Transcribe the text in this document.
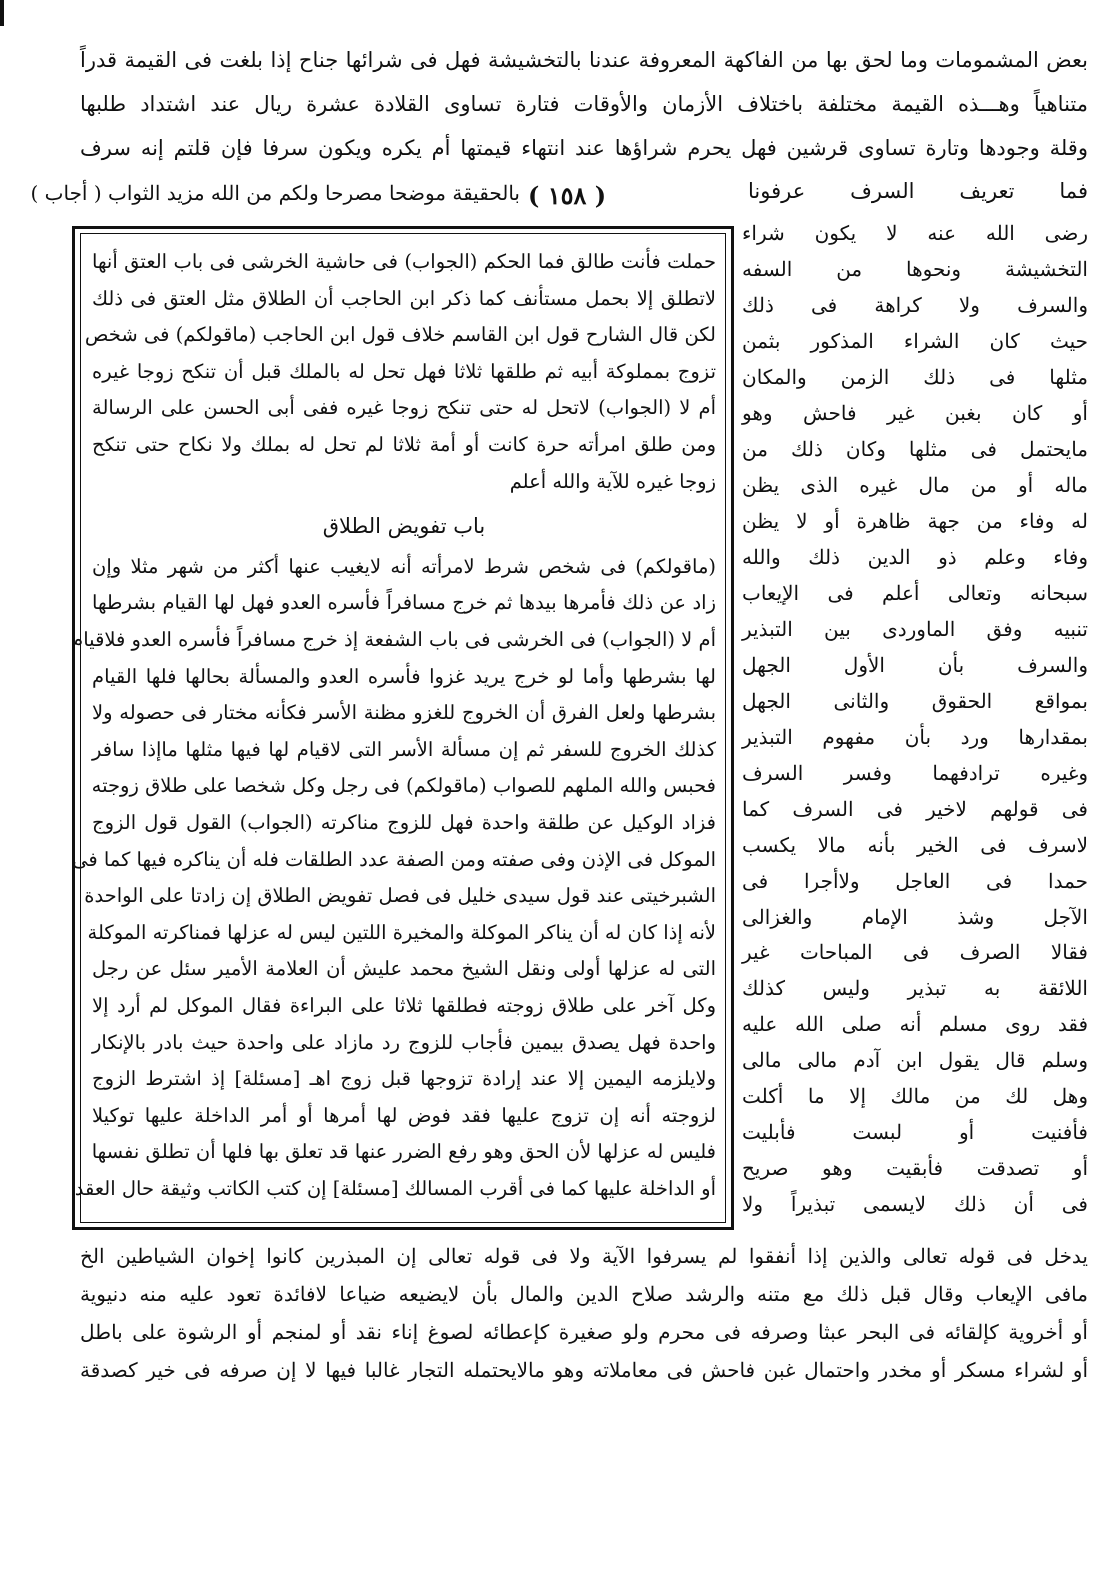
بعض المشمومات وما لحق بها من الفاكهة المعروفة عندنا بالتخشيشة فهل فى شرائها جناح إذا بلغت فى القيمة قدراً
متناهياً وهـــذه القيمة مختلفة باختلاف الأزمان والأوقات فتارة تساوى القلادة عشرة ريال عند اشتداد طلبها
وقلة وجودها وتارة تساوى قرشين فهل يحرم شراؤها عند انتهاء قيمتها أم يكره ويكون سرفا فإن قلتم إنه سرف
فما تعريف السرف عرفونا
( ١٥٨ )
بالحقيقة موضحا مصرحا ولكم من الله مزيد الثواب ( أجاب )
رضى الله عنه لا يكون شراء
التخشيشة ونحوها من السفه
والسرف ولا كراهة فى ذلك
حيث كان الشراء المذكور بثمن
مثلها فى ذلك الزمن والمكان
أو كان بغبن غير فاحش وهو
مايحتمل فى مثلها وكان ذلك من
ماله أو من مال غيره الذى يظن
له وفاء من جهة ظاهرة أو لا يظن
وفاء وعلم ذو الدين ذلك والله
سبحانه وتعالى أعلم فى الإيعاب
تنبيه وفق الماوردى بين التبذير
والسرف بأن الأول الجهل
بمواقع الحقوق والثانى الجهل
بمقدارها ورد بأن مفهوم التبذير
وغيره ترادفهما وفسر السرف
فى قولهم لاخير فى السرف كما
لاسرف فى الخير بأنه مالا يكسب
حمدا فى العاجل ولاأجرا فى
الآجل وشذ الإمام والغزالى
فقالا الصرف فى المباحات غير
اللائقة به تبذير وليس كذلك
فقد روى مسلم أنه صلى الله عليه
وسلم قال يقول ابن آدم مالى مالى
وهل لك من مالك إلا ما أكلت
فأفنيت أو لبست فأبليت
أو تصدقت فأبقيت وهو صريح
فى أن ذلك لايسمى تبذيراً ولا
حملت فأنت طالق فما الحكم (الجواب) فى حاشية الخرشى فى باب العتق أنها
لاتطلق إلا بحمل مستأنف كما ذكر ابن الحاجب أن الطلاق مثل العتق فى ذلك
لكن قال الشارح قول ابن القاسم خلاف قول ابن الحاجب (ماقولكم) فى شخص
تزوج بمملوكة أبيه ثم طلقها ثلاثا فهل تحل له بالملك قبل أن تنكح زوجا غيره
أم لا (الجواب) لاتحل له حتى تنكح زوجا غيره ففى أبى الحسن على الرسالة
ومن طلق امرأته حرة كانت أو أمة ثلاثا لم تحل له بملك ولا نكاح حتى تنكح
زوجا غيره للآية والله أعلم
باب تفويض الطلاق
(ماقولكم) فى شخص شرط لامرأته أنه لايغيب عنها أكثر من شهر مثلا وإن
زاد عن ذلك فأمرها بيدها ثم خرج مسافراً فأسره العدو فهل لها القيام بشرطها
أم لا (الجواب) فى الخرشى فى باب الشفعة إذ خرج مسافراً فأسره العدو فلاقيام
لها بشرطها وأما لو خرج يريد غزوا فأسره العدو والمسألة بحالها فلها القيام
بشرطها ولعل الفرق أن الخروج للغزو مظنة الأسر فكأنه مختار فى حصوله ولا
كذلك الخروج للسفر ثم إن مسألة الأسر التى لاقيام لها فيها مثلها ماإذا سافر
فحبس والله الملهم للصواب (ماقولكم) فى رجل وكل شخصا على طلاق زوجته
فزاد الوكيل عن طلقة واحدة فهل للزوج مناكرته (الجواب) القول قول الزوج
الموكل فى الإذن وفى صفته ومن الصفة عدد الطلقات فله أن يناكره فيها كما فى
الشبرخيتى عند قول سيدى خليل فى فصل تفويض الطلاق إن زادتا على الواحدة
لأنه إذا كان له أن يناكر الموكلة والمخيرة اللتين ليس له عزلها فمناكرته الموكلة
التى له عزلها أولى ونقل الشيخ محمد عليش أن العلامة الأمير سئل عن رجل
وكل آخر على طلاق زوجته فطلقها ثلاثا على البراءة فقال الموكل لم أرد إلا
واحدة فهل يصدق بيمين فأجاب للزوج رد مازاد على واحدة حيث بادر بالإنكار
ولايلزمه اليمين إلا عند إرادة تزوجها قبل زوج اهـ [مسئلة] إذ اشترط الزوج
لزوجته أنه إن تزوج عليها فقد فوض لها أمرها أو أمر الداخلة عليها توكيلا
فليس له عزلها لأن الحق وهو رفع الضرر عنها قد تعلق بها فلها أن تطلق نفسها
أو الداخلة عليها كما فى أقرب المسالك [مسئلة] إن كتب الكاتب وثيقة حال العقد
يدخل فى قوله تعالى والذين إذا أنفقوا لم يسرفوا الآية ولا فى قوله تعالى إن المبذرين كانوا إخوان الشياطين الخ
مافى الإيعاب وقال قبل ذلك مع متنه والرشد صلاح الدين والمال بأن لايضيعه ضياعا لافائدة تعود عليه منه دنيوية
أو أخروية كإلقائه فى البحر عبثا وصرفه فى محرم ولو صغيرة كإعطائه لصوغ إناء نقد أو لمنجم أو الرشوة على باطل
أو لشراء مسكر أو مخدر واحتمال غبن فاحش فى معاملاته وهو مالايحتمله التجار غالبا فيها لا إن صرفه فى خير كصدقة
